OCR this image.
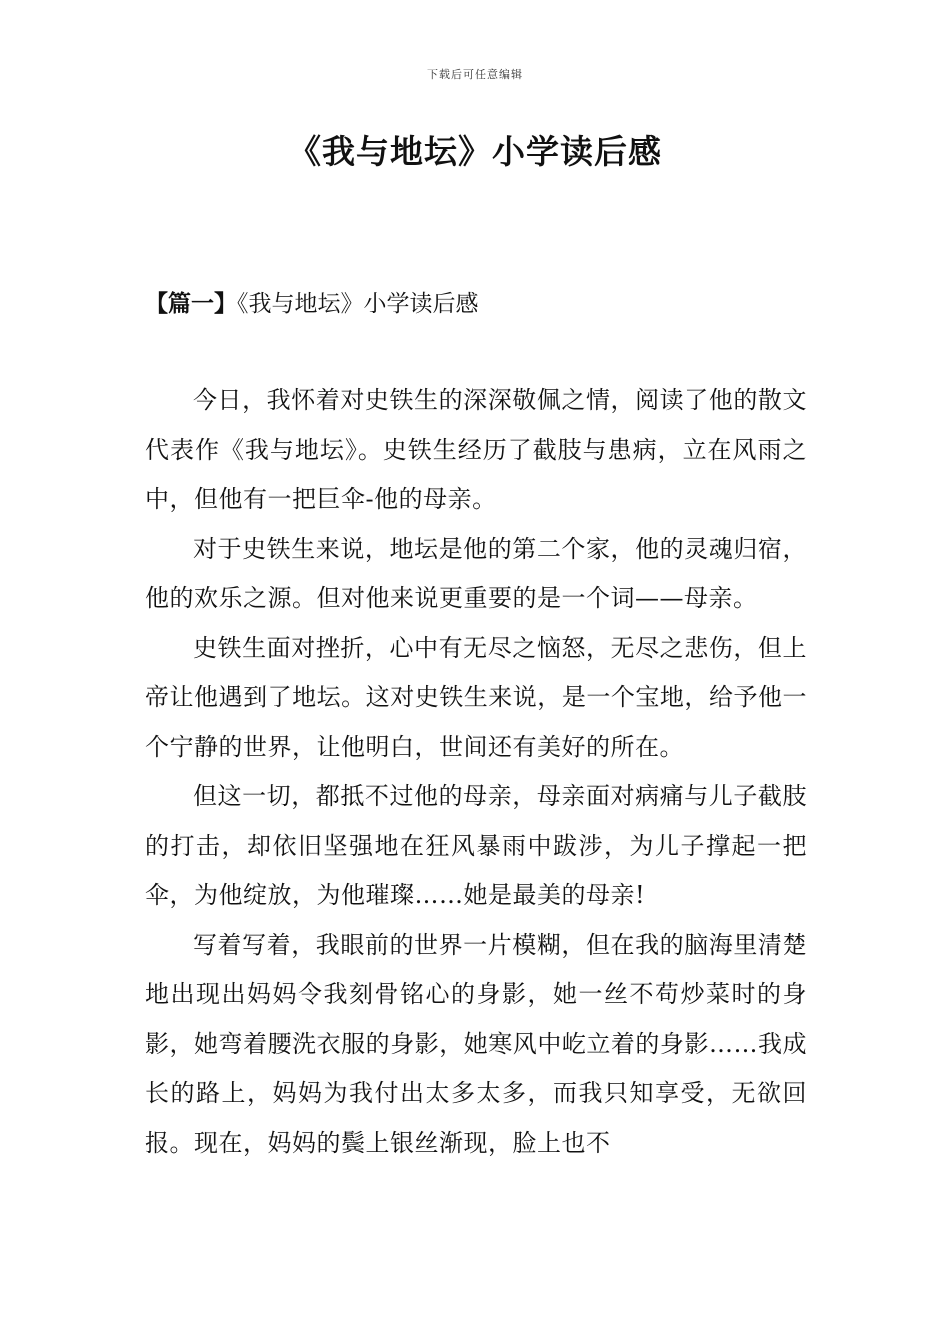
下载后可任意编辑
《我与地坛》小学读后感
【篇一】《我与地坛》小学读后感

今日，我怀着对史铁生的深深敬佩之情，阅读了他的散文代表作《我与地坛》。史铁生经历了截肢与患病，立在风雨之中，但他有一把巨伞-他的母亲。

对于史铁生来说，地坛是他的第二个家，他的灵魂归宿，他的欢乐之源。但对他来说更重要的是一个词——母亲。

史铁生面对挫折，心中有无尽之恼怒，无尽之悲伤，但上帝让他遇到了地坛。这对史铁生来说，是一个宝地，给予他一个宁静的世界，让他明白，世间还有美好的所在。

但这一切，都抵不过他的母亲，母亲面对病痛与儿子截肢的打击，却依旧坚强地在狂风暴雨中跋涉，为儿子撑起一把伞，为他绽放，为他璀璨……她是最美的母亲!

写着写着，我眼前的世界一片模糊，但在我的脑海里清楚地出现出妈妈令我刻骨铭心的身影，她一丝不苟炒菜时的身影，她弯着腰洗衣服的身影，她寒风中屹立着的身影……我成长的路上，妈妈为我付出太多太多，而我只知享受，无欲回报。现在，妈妈的鬓上银丝渐现，脸上也不
